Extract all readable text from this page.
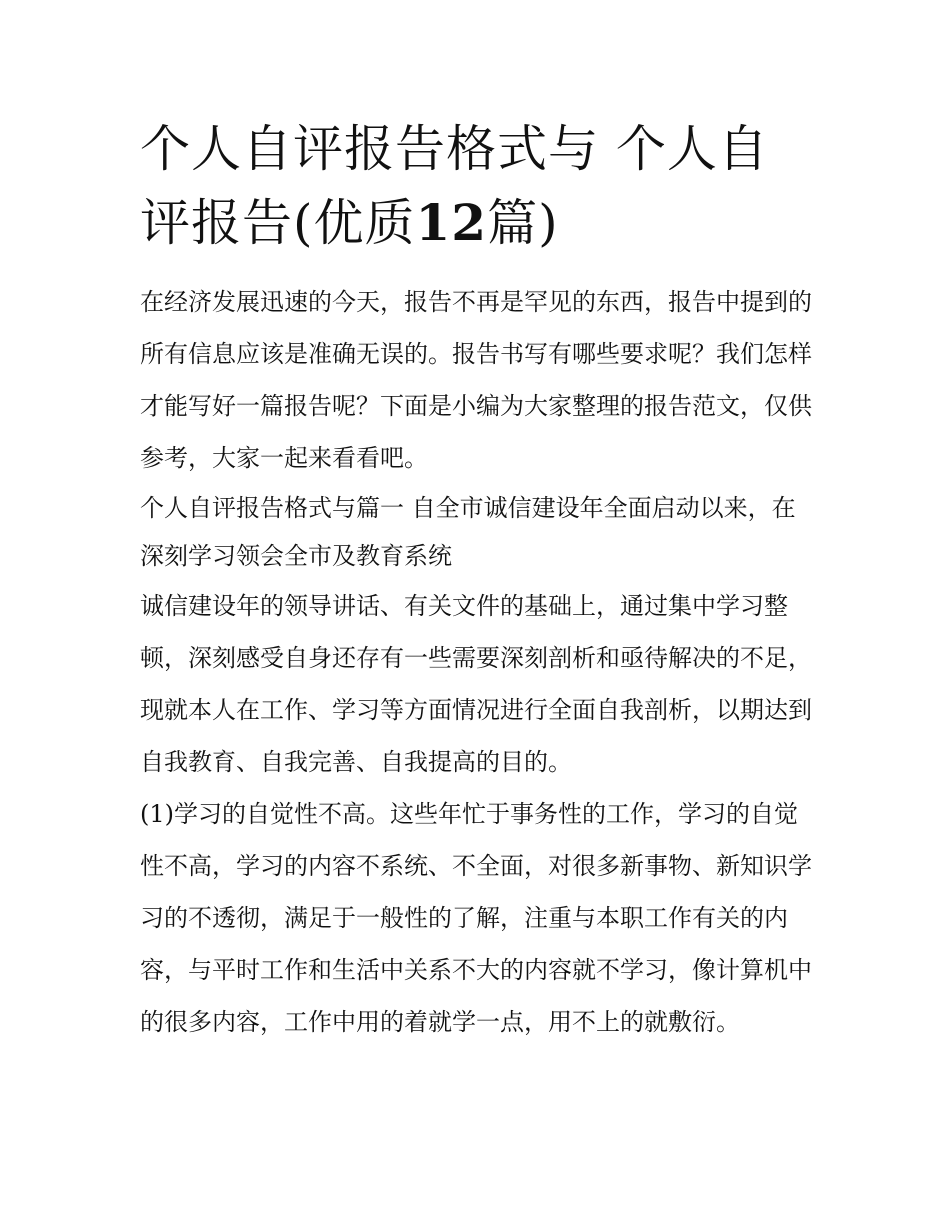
个人自评报告格式与 个人自评报告(优质12篇)

在经济发展迅速的今天，报告不再是罕见的东西，报告中提到的所有信息应该是准确无误的。报告书写有哪些要求呢？我们怎样才能写好一篇报告呢？下面是小编为大家整理的报告范文，仅供参考，大家一起来看看吧。

个人自评报告格式与篇一 自全市诚信建设年全面启动以来，在深刻学习领会全市及教育系统

诚信建设年的领导讲话、有关文件的基础上，通过集中学习整顿，深刻感受自身还存有一些需要深刻剖析和亟待解决的不足，现就本人在工作、学习等方面情况进行全面自我剖析，以期达到自我教育、自我完善、自我提高的目的。

(1)学习的自觉性不高。这些年忙于事务性的工作，学习的自觉性不高，学习的内容不系统、不全面，对很多新事物、新知识学习的不透彻，满足于一般性的了解，注重与本职工作有关的内容，与平时工作和生活中关系不大的内容就不学习，像计算机中的很多内容，工作中用的着就学一点，用不上的就敷衍。
